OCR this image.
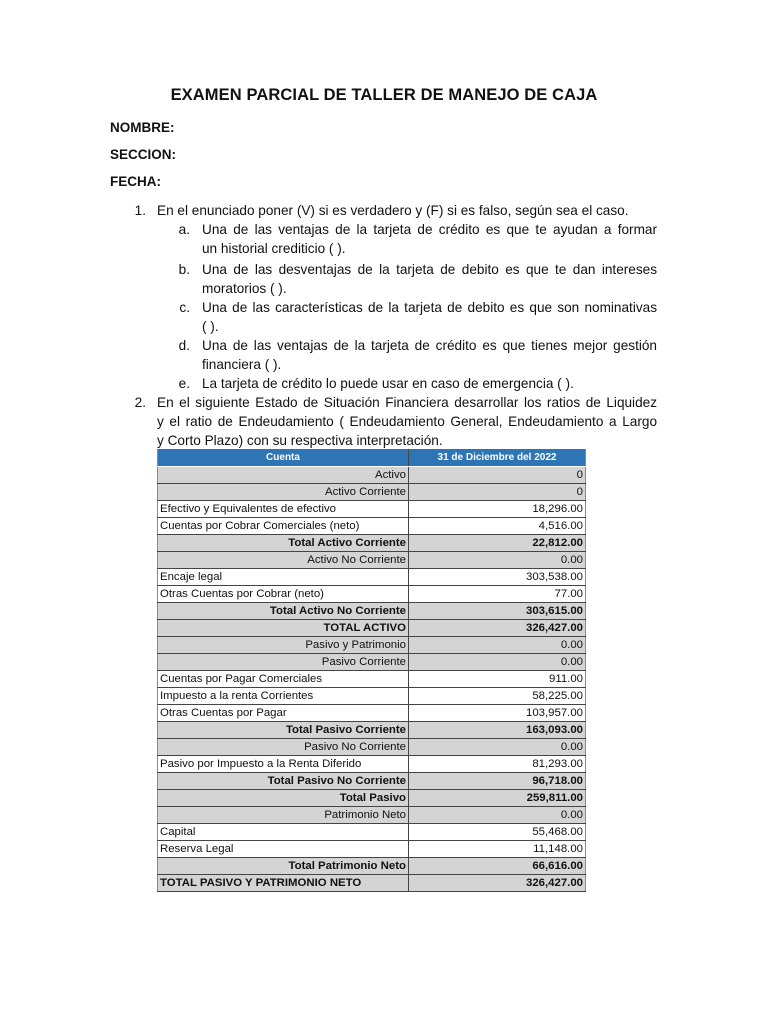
EXAMEN PARCIAL DE TALLER DE MANEJO DE CAJA
NOMBRE:
SECCION:
FECHA:
1. En el enunciado poner (V) si es verdadero y (F) si es falso, según sea el caso.
a. Una de las ventajas de la tarjeta de crédito es que te ayudan a formar
un historial crediticio ( ).
b. Una de las desventajas de la tarjeta de debito es que te dan intereses
moratorios ( ).
c. Una de las características de la tarjeta de debito es que son nominativas
( ).
d. Una de las ventajas de la tarjeta de crédito es que tienes mejor gestión
financiera ( ).
e. La tarjeta de crédito lo puede usar en caso de emergencia ( ).
2. En el siguiente Estado de Situación Financiera desarrollar los ratios de Liquidez
y el ratio de Endeudamiento ( Endeudamiento General, Endeudamiento a Largo
y Corto Plazo) con su respectiva interpretación.
Cuenta	31 de Diciembre del 2022
Activo	0
Activo Corriente	0
Efectivo y Equivalentes de efectivo	18,296.00
Cuentas por Cobrar Comerciales (neto)	4,516.00
Total Activo Corriente	22,812.00
Activo No Corriente	0.00
Encaje legal	303,538.00
Otras Cuentas por Cobrar (neto)	77.00
Total Activo No Corriente	303,615.00
TOTAL ACTIVO	326,427.00
Pasivo y Patrimonio	0.00
Pasivo Corriente	0.00
Cuentas por Pagar Comerciales	911.00
Impuesto a la renta Corrientes	58,225.00
Otras Cuentas por Pagar	103,957.00
Total Pasivo Corriente	163,093.00
Pasivo No Corriente	0.00
Pasivo por Impuesto a la Renta Diferido	81,293.00
Total Pasivo No Corriente	96,718.00
Total Pasivo	259,811.00
Patrimonio Neto	0.00
Capital	55,468.00
Reserva Legal	11,148.00
Total Patrimonio Neto	66,616.00
TOTAL PASIVO Y PATRIMONIO NETO	326,427.00
